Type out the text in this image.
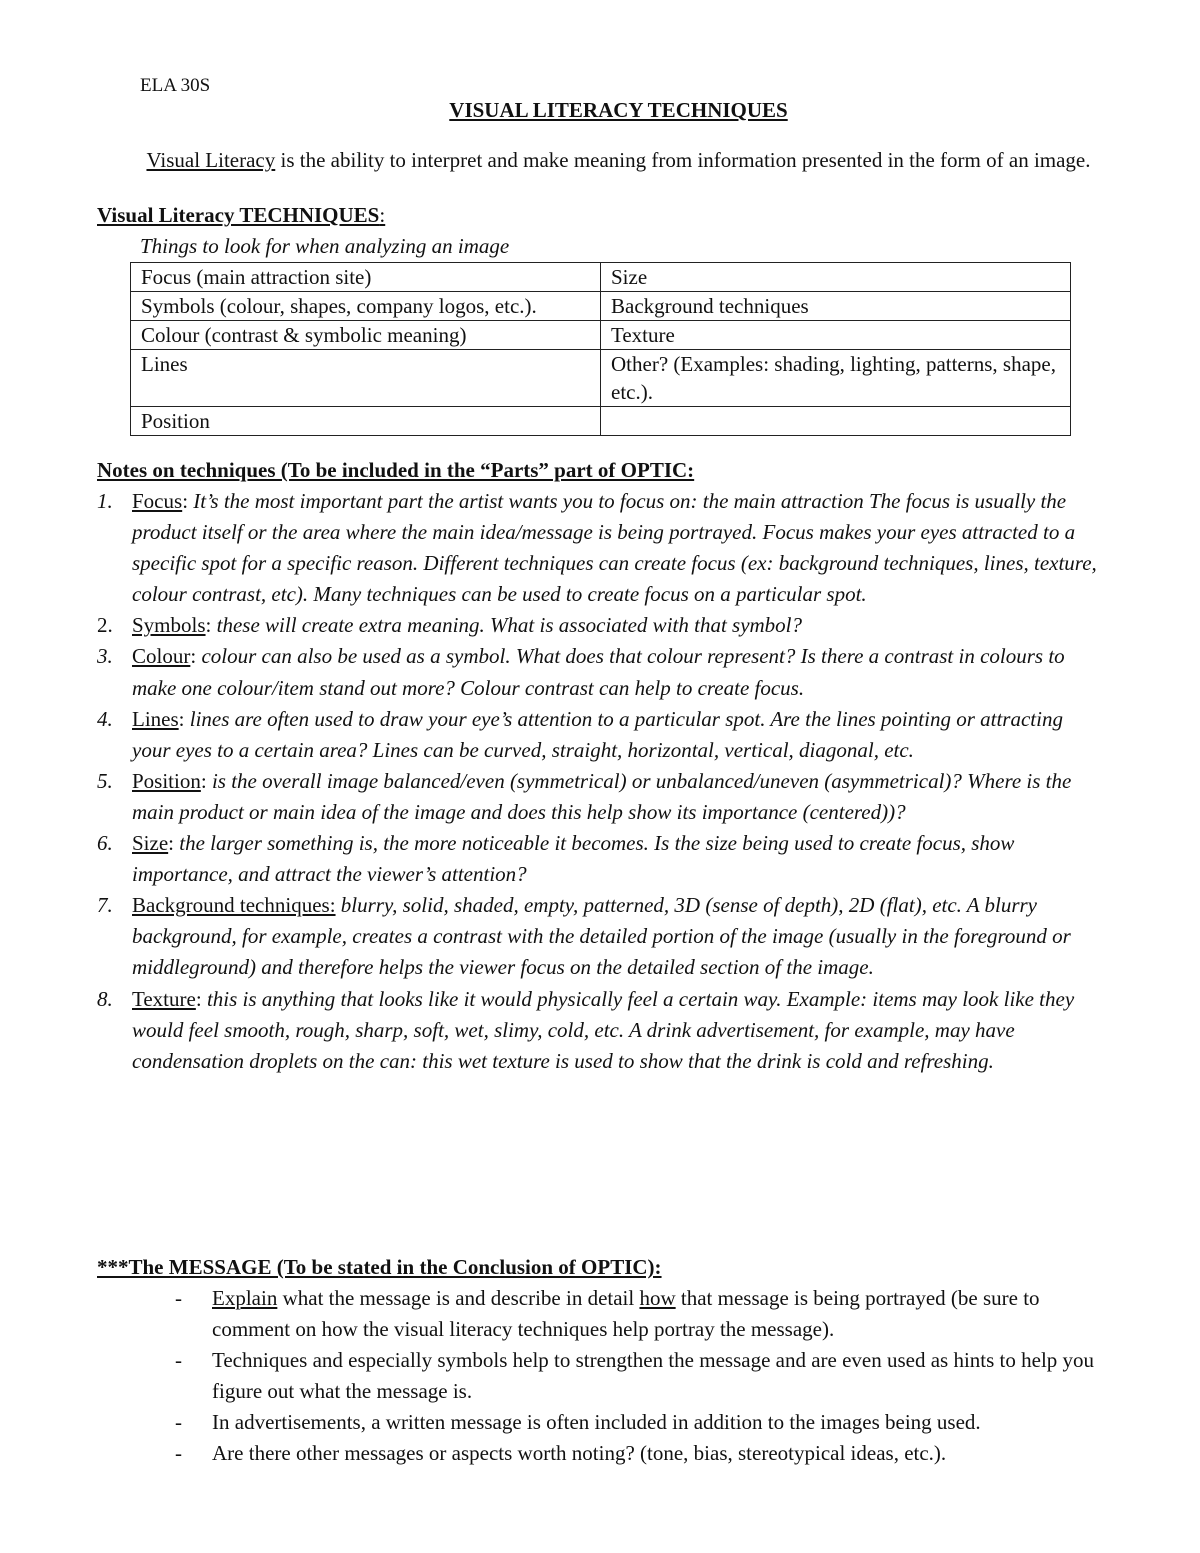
ELA 30S
VISUAL LITERACY TECHNIQUES
Visual Literacy is the ability to interpret and make meaning from information presented in the form of an image.
Visual Literacy TECHNIQUES:
Things to look for when analyzing an image
Focus (main attraction site)	Size
Symbols (colour, shapes, company logos, etc.).	Background techniques
Colour (contrast & symbolic meaning)	Texture
Lines	Other? (Examples: shading, lighting, patterns, shape, etc.).
Position	
Notes on techniques (To be included in the “Parts” part of OPTIC:
1. Focus: It’s the most important part the artist wants you to focus on: the main attraction The focus is usually the product itself or the area where the main idea/message is being portrayed. Focus makes your eyes attracted to a specific spot for a specific reason. Different techniques can create focus (ex: background techniques, lines, texture, colour contrast, etc). Many techniques can be used to create focus on a particular spot.
2. Symbols: these will create extra meaning. What is associated with that symbol?
3. Colour: colour can also be used as a symbol. What does that colour represent? Is there a contrast in colours to make one colour/item stand out more? Colour contrast can help to create focus.
4. Lines: lines are often used to draw your eye’s attention to a particular spot. Are the lines pointing or attracting your eyes to a certain area? Lines can be curved, straight, horizontal, vertical, diagonal, etc.
5. Position: is the overall image balanced/even (symmetrical) or unbalanced/uneven (asymmetrical)? Where is the main product or main idea of the image and does this help show its importance (centered))?
6. Size: the larger something is, the more noticeable it becomes. Is the size being used to create focus, show importance, and attract the viewer’s attention?
7. Background techniques: blurry, solid, shaded, empty, patterned, 3D (sense of depth), 2D (flat), etc. A blurry background, for example, creates a contrast with the detailed portion of the image (usually in the foreground or middleground) and therefore helps the viewer focus on the detailed section of the image.
8. Texture: this is anything that looks like it would physically feel a certain way. Example: items may look like they would feel smooth, rough, sharp, soft, wet, slimy, cold, etc. A drink advertisement, for example, may have condensation droplets on the can: this wet texture is used to show that the drink is cold and refreshing.
***The MESSAGE (To be stated in the Conclusion of OPTIC):
- Explain what the message is and describe in detail how that message is being portrayed (be sure to comment on how the visual literacy techniques help portray the message).
- Techniques and especially symbols help to strengthen the message and are even used as hints to help you figure out what the message is.
- In advertisements, a written message is often included in addition to the images being used.
- Are there other messages or aspects worth noting? (tone, bias, stereotypical ideas, etc.).
